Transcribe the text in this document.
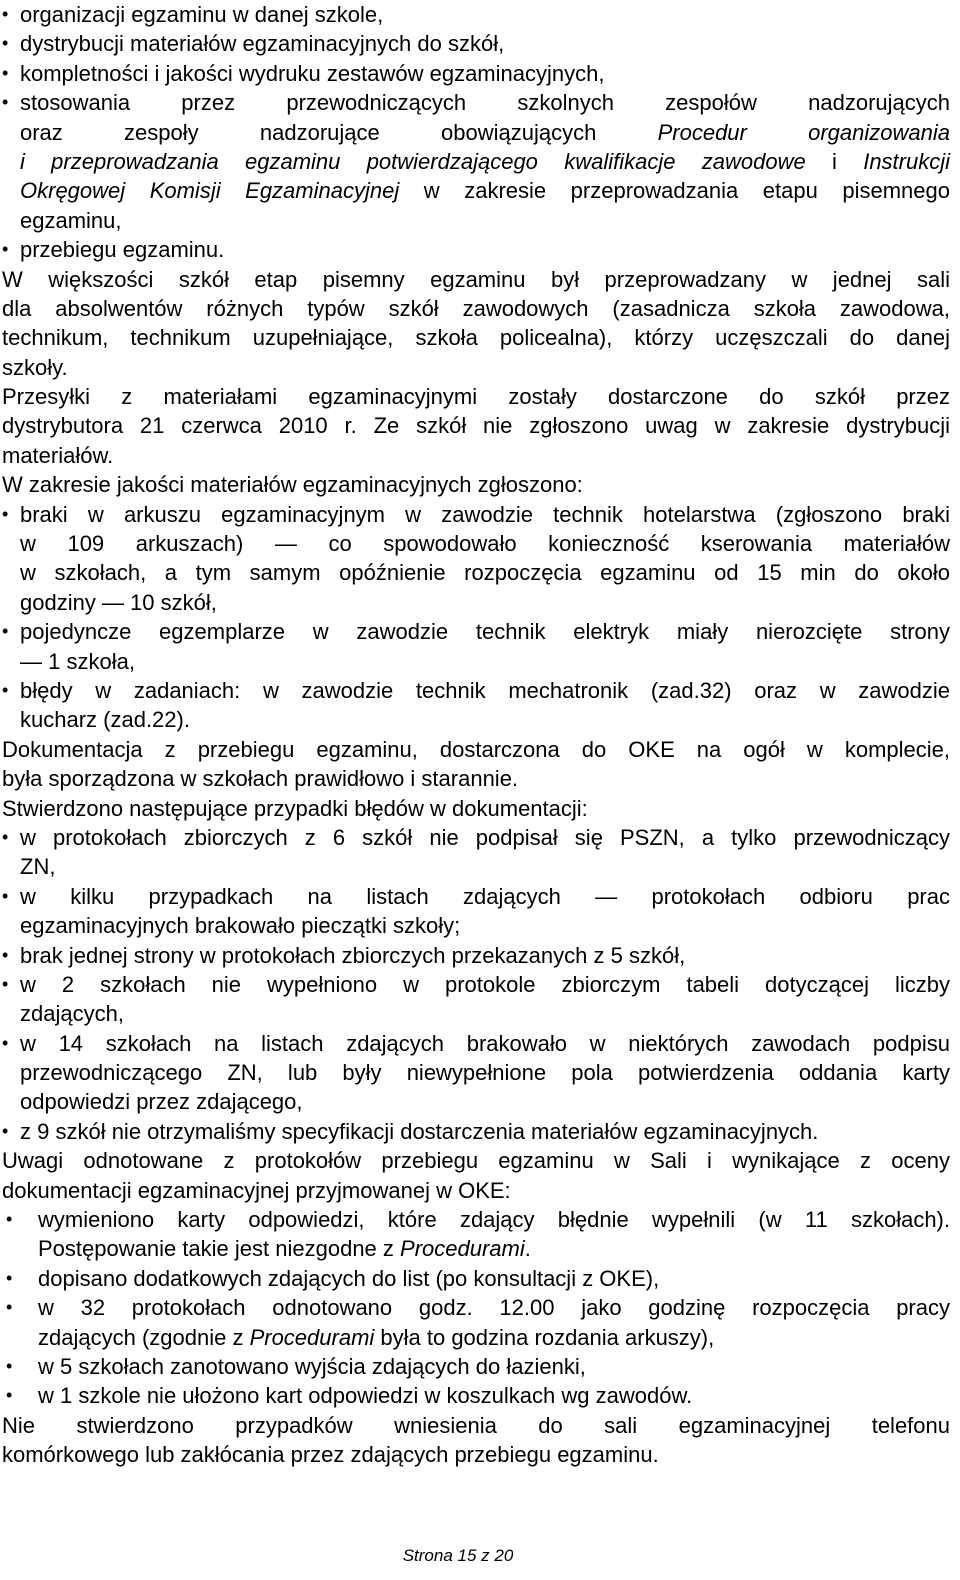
• organizacji egzaminu w danej szkole,
• dystrybucji materiałów egzaminacyjnych do szkół,
• kompletności i jakości wydruku zestawów egzaminacyjnych,
• stosowania przez przewodniczących szkolnych zespołów nadzorujących
oraz zespoły nadzorujące obowiązujących Procedur organizowania
i przeprowadzania egzaminu potwierdzającego kwalifikacje zawodowe i Instrukcji
Okręgowej Komisji Egzaminacyjnej w zakresie przeprowadzania etapu pisemnego
egzaminu,
• przebiegu egzaminu.
W większości szkół etap pisemny egzaminu był przeprowadzany w jednej sali
dla absolwentów różnych typów szkół zawodowych (zasadnicza szkoła zawodowa,
technikum, technikum uzupełniające, szkoła policealna), którzy uczęszczali do danej
szkoły.
Przesyłki z materiałami egzaminacyjnymi zostały dostarczone do szkół przez
dystrybutora 21 czerwca 2010 r. Ze szkół nie zgłoszono uwag w zakresie dystrybucji
materiałów.
W zakresie jakości materiałów egzaminacyjnych zgłoszono:
• braki w arkuszu egzaminacyjnym w zawodzie technik hotelarstwa (zgłoszono braki
w 109 arkuszach) — co spowodowało konieczność kserowania materiałów
w szkołach, a tym samym opóźnienie rozpoczęcia egzaminu od 15 min do około
godziny — 10 szkół,
• pojedyncze egzemplarze w zawodzie technik elektryk miały nierozcięte strony
— 1 szkoła,
• błędy w zadaniach: w zawodzie technik mechatronik (zad.32) oraz w zawodzie
kucharz (zad.22).
Dokumentacja z przebiegu egzaminu, dostarczona do OKE na ogół w komplecie,
była sporządzona w szkołach prawidłowo i starannie.
Stwierdzono następujące przypadki błędów w dokumentacji:
• w protokołach zbiorczych z 6 szkół nie podpisał się PSZN, a tylko przewodniczący
ZN,
• w kilku przypadkach na listach zdających — protokołach odbioru prac
egzaminacyjnych brakowało pieczątki szkoły;
• brak jednej strony w protokołach zbiorczych przekazanych z 5 szkół,
• w 2 szkołach nie wypełniono w protokole zbiorczym tabeli dotyczącej liczby
zdających,
• w 14 szkołach na listach zdających brakowało w niektórych zawodach podpisu
przewodniczącego ZN, lub były niewypełnione pola potwierdzenia oddania karty
odpowiedzi przez zdającego,
• z 9 szkół nie otrzymaliśmy specyfikacji dostarczenia materiałów egzaminacyjnych.
Uwagi odnotowane z protokołów przebiegu egzaminu w Sali i wynikające z oceny
dokumentacji egzaminacyjnej przyjmowanej w OKE:
• wymieniono karty odpowiedzi, które zdający błędnie wypełnili (w 11 szkołach).
Postępowanie takie jest niezgodne z Procedurami.
• dopisano dodatkowych zdających do list (po konsultacji z OKE),
• w 32 protokołach odnotowano godz. 12.00 jako godzinę rozpoczęcia pracy
zdających (zgodnie z Procedurami była to godzina rozdania arkuszy),
• w 5 szkołach zanotowano wyjścia zdających do łazienki,
• w 1 szkole nie ułożono kart odpowiedzi w koszulkach wg zawodów.
Nie stwierdzono przypadków wniesienia do sali egzaminacyjnej telefonu
komórkowego lub zakłócania przez zdających przebiegu egzaminu.
Strona 15 z 20
